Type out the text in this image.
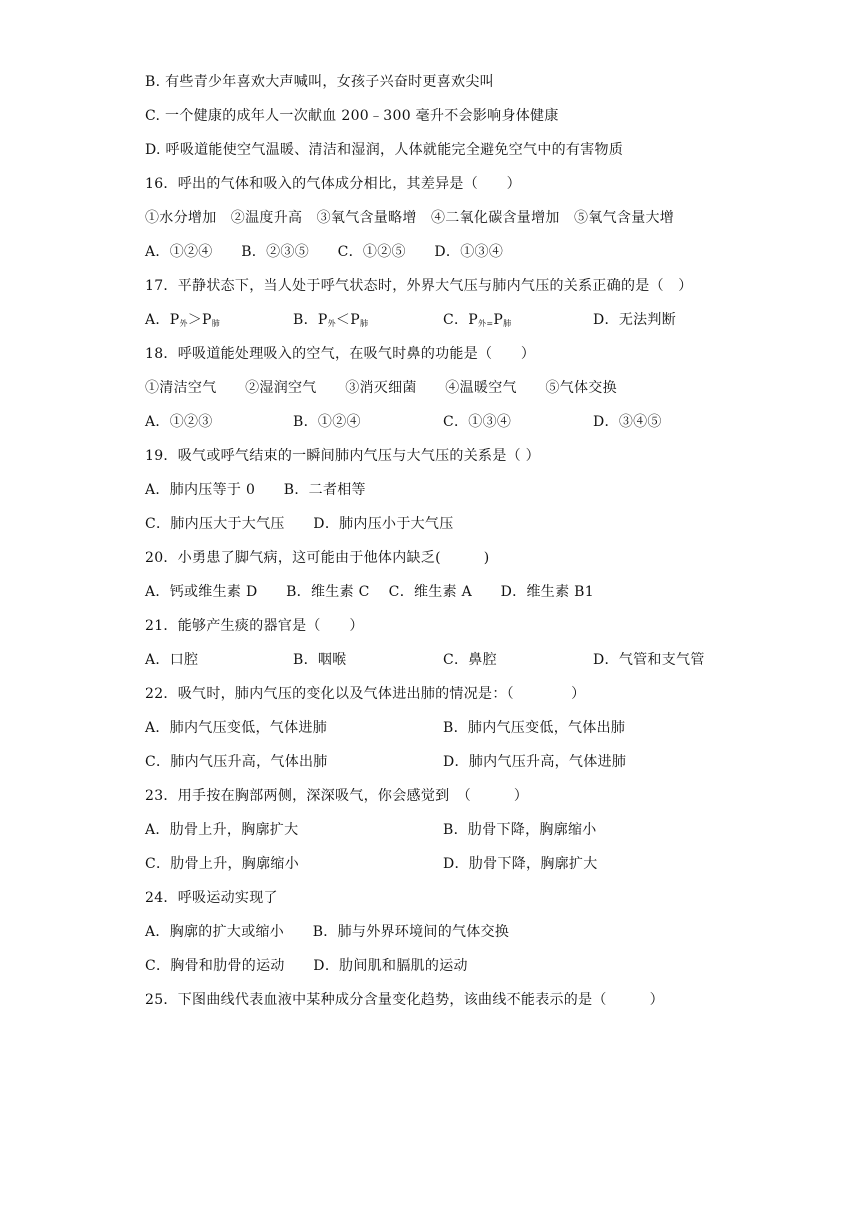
B. 有些青少年喜欢大声喊叫，女孩子兴奋时更喜欢尖叫
C. 一个健康的成年人一次献血 200﹣300 毫升不会影响身体健康
D. 呼吸道能使空气温暖、清洁和湿润，人体就能完全避免空气中的有害物质
16．呼出的气体和吸入的气体成分相比，其差异是（　　）
①水分增加　②温度升高　③氧气含量略增　④二氧化碳含量增加　⑤氧气含量大增
A．①②④　　B．②③⑤　　C．①②⑤　　D．①③④
17．平静状态下，当人处于呼气状态时，外界大气压与肺内气压的关系正确的是（　）
A．$P_外>P_肺$	B．$P_外<P_肺$	C．$P_{外=}P_肺$	D．无法判断
18．呼吸道能处理吸入的空气，在吸气时鼻的功能是（　　）
①清洁空气　　②湿润空气　　③消灭细菌　　④温暖空气　　⑤气体交换
A．①②③	B．①②④	C．①③④	D．③④⑤
19．吸气或呼气结束的一瞬间肺内气压与大气压的关系是（ ）
A．肺内压等于 0　　B．二者相等
C．肺内压大于大气压　　D．肺内压小于大气压
20．小勇患了脚气病，这可能由于他体内缺乏(　　　)
A．钙或维生素 D　　B．维生素 C　 C．维生素 A　　D．维生素 B1
21．能够产生痰的器官是（　　）
A．口腔	B．咽喉	C．鼻腔	D．气管和支气管
22．吸气时，肺内气压的变化以及气体进出肺的情况是：（　　　　）
A．肺内气压变低，气体进肺	B．肺内气压变低，气体出肺
C．肺内气压升高，气体出肺	D．肺内气压升高，气体进肺
23．用手按在胸部两侧，深深吸气，你会感觉到　（　　　）
A．肋骨上升，胸廓扩大	B．肋骨下降，胸廓缩小
C．肋骨上升，胸廓缩小	D．肋骨下降，胸廓扩大
24．呼吸运动实现了
A．胸廓的扩大或缩小　　B．肺与外界环境间的气体交换
C．胸骨和肋骨的运动　　D．肋间肌和膈肌的运动
25．下图曲线代表血液中某种成分含量变化趋势，该曲线不能表示的是（　　　）
